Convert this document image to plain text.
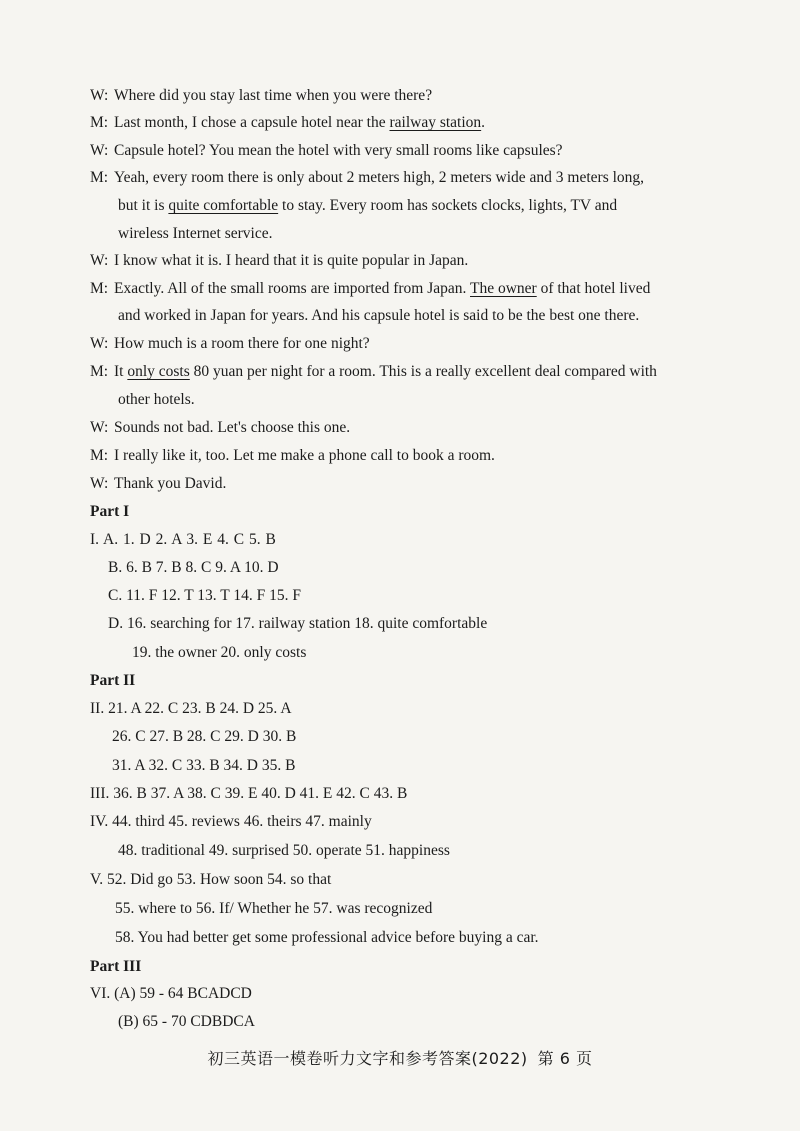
W: Where did you stay last time when you were there?
M: Last month, I chose a capsule hotel near the railway station.
W: Capsule hotel? You mean the hotel with very small rooms like capsules?
M: Yeah, every room there is only about 2 meters high, 2 meters wide and 3 meters long,
but it is quite comfortable to stay. Every room has sockets clocks, lights, TV and
wireless Internet service.
W: I know what it is. I heard that it is quite popular in Japan.
M: Exactly. All of the small rooms are imported from Japan. The owner of that hotel lived
and worked in Japan for years. And his capsule hotel is said to be the best one there.
W: How much is a room there for one night?
M: It only costs 80 yuan per night for a room. This is a really excellent deal compared with
other hotels.
W: Sounds not bad. Let's choose this one.
M: I really like it, too. Let me make a phone call to book a room.
W: Thank you David.
Part I
I. A. 1. D 2. A 3. E 4. C 5. B
B. 6. B 7. B 8. C 9. A 10. D
C. 11. F 12. T 13. T 14. F 15. F
D. 16. searching for 17. railway station 18. quite comfortable
19. the owner 20. only costs
Part II
II. 21. A 22. C 23. B 24. D 25. A
26. C 27. B 28. C 29. D 30. B
31. A 32. C 33. B 34. D 35. B
III. 36. B 37. A 38. C 39. E 40. D 41. E 42. C 43. B
IV. 44. third 45. reviews 46. theirs 47. mainly
48. traditional 49. surprised 50. operate 51. happiness
V. 52. Did go 53. How soon 54. so that
55. where to 56. If/ Whether he 57. was recognized
58. You had better get some professional advice before buying a car.
Part III
VI. (A) 59 - 64 BCADCD
(B) 65 - 70 CDBDCA
初三英语一模卷听力文字和参考答案(2022) 第 6 页
